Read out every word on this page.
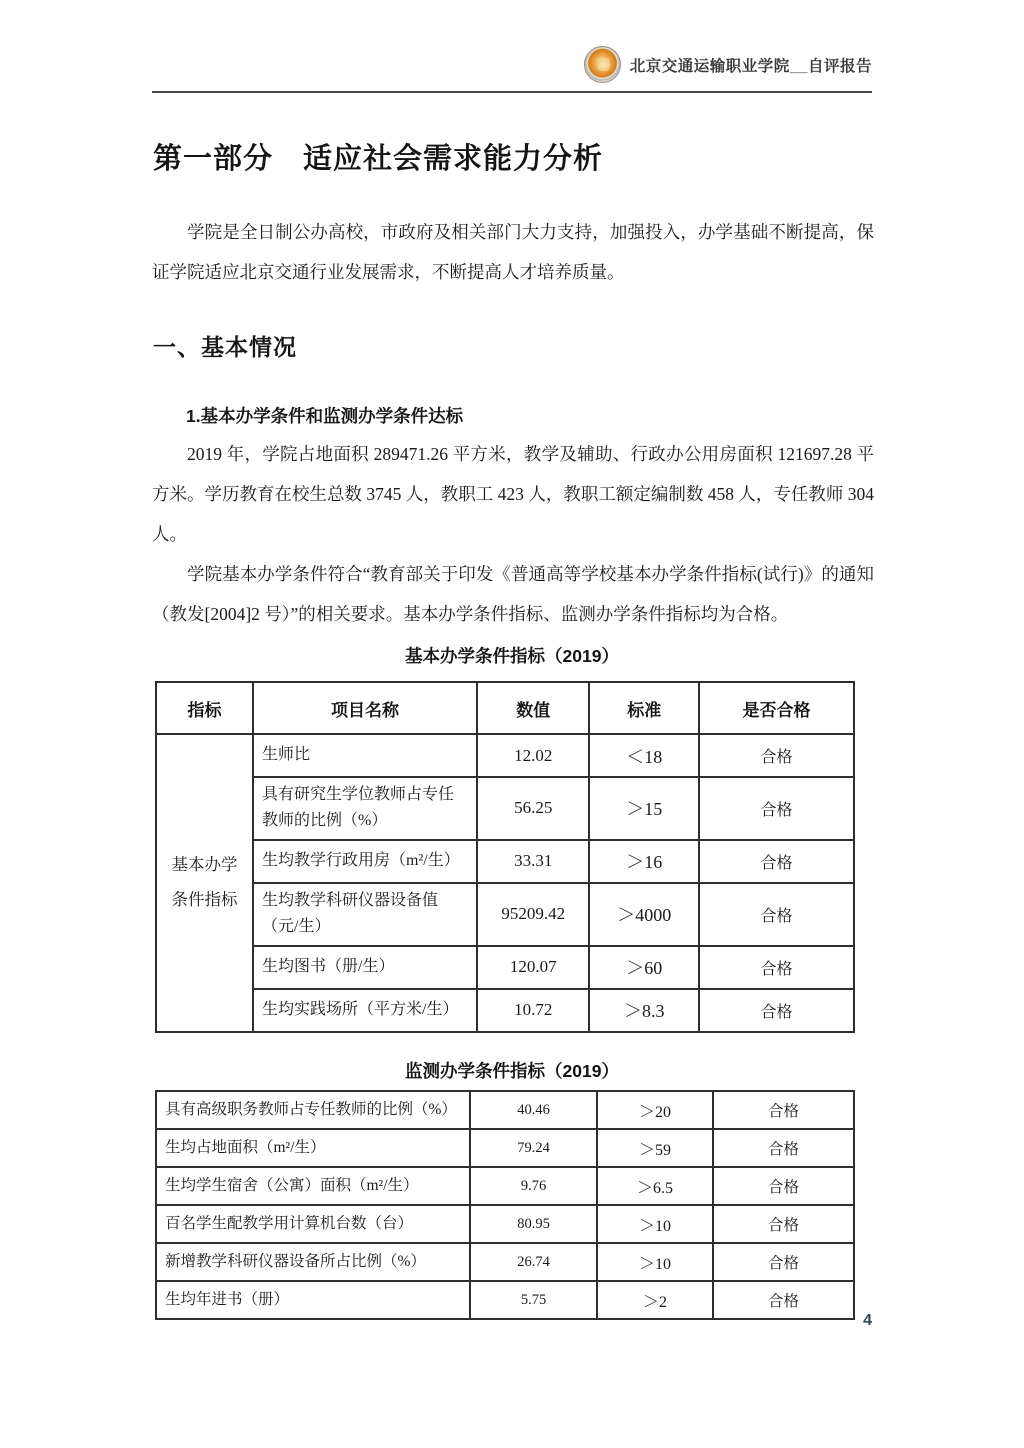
北京交通运输职业学院__自评报告
第一部分　适应社会需求能力分析

学院是全日制公办高校，市政府及相关部门大力支持，加强投入，办学基础不断提高，保证学院适应北京交通行业发展需求，不断提高人才培养质量。

一、基本情况
1.基本办学条件和监测办学条件达标

2019 年，学院占地面积 289471.26 平方米，教学及辅助、行政办公用房面积 121697.28 平方米。学历教育在校生总数 3745 人，教职工 423 人，教职工额定编制数 458 人，专任教师 304 人。

学院基本办学条件符合“教育部关于印发《普通高等学校基本办学条件指标(试行)》的通知（教发[2004]2 号）”的相关要求。基本办学条件指标、监测办学条件指标均为合格。

基本办学条件指标（2019）
指标	项目名称	数值	标准	是否合格

基本办学
条件指标	生师比	12.02	＜18	合格
	具有研究生学位教师占专任教师的比例（%）	56.25	＞15	合格
	生均教学行政用房（m²/生）	33.31	＞16	合格
	生均教学科研仪器设备值（元/生）	95209.42	＞4000	合格
	生均图书（册/生）	120.07	＞60	合格
	生均实践场所（平方米/生）	10.72	＞8.3	合格
监测办学条件指标（2019）
具有高级职务教师占专任教师的比例（%）	40.46	＞20	合格
生均占地面积（m²/生）	79.24	＞59	合格
生均学生宿舍（公寓）面积（m²/生）	9.76	＞6.5	合格
百名学生配教学用计算机台数（台）	80.95	＞10	合格
新增教学科研仪器设备所占比例（%）	26.74	＞10	合格
生均年进书（册）	5.75	＞2	合格
4
